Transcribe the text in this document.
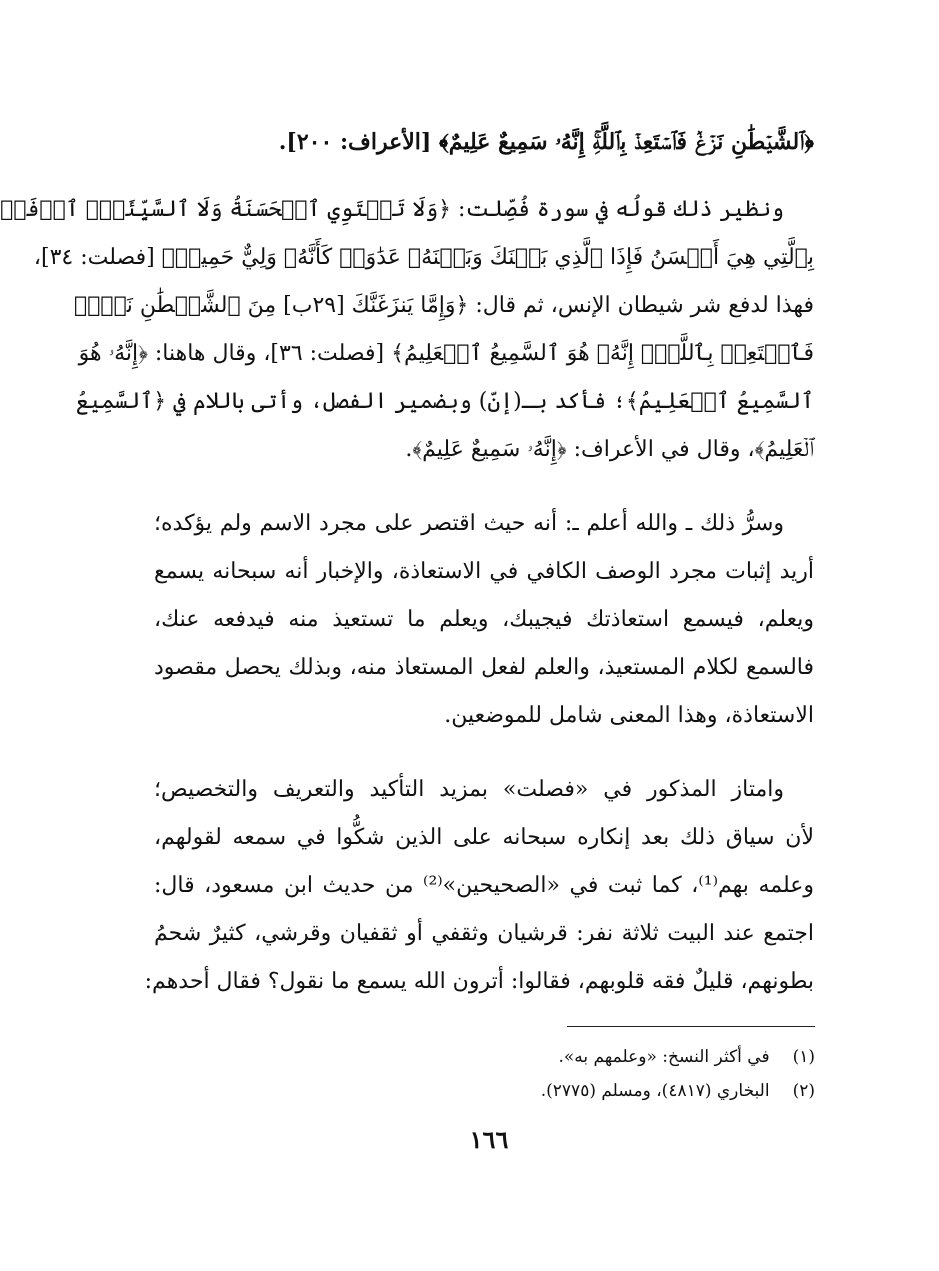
﴿ٱلشَّيۡطَٰنِ نَزۡغٞ فَٱسۡتَعِذۡ بِٱللَّهِۚ إِنَّهُۥ سَمِيعٌ عَلِيمٌ﴾ [الأعراف: ٢٠٠].
ونظير ذلك قولُه في سورة فُصِّلت: ﴿وَلَا تَسۡتَوِي ٱلۡحَسَنَةُ وَلَا ٱلسَّيِّئَةُۚ ٱدۡفَعۡ
بِٱلَّتِي هِيَ أَحۡسَنُ فَإِذَا ٱلَّذِي بَيۡنَكَ وَبَيۡنَهُۥ عَدَٰوَةٞ كَأَنَّهُۥ وَلِيٌّ حَمِيمٞ﴾ [فصلت: ٣٤]،
فهذا لدفع شر شيطان الإنس، ثم قال: ﴿وَإِمَّا يَنزَغَنَّكَ [٢٩ب] مِنَ ٱلشَّيۡطَٰنِ نَزۡغٞ
فَٱسۡتَعِذۡ بِٱللَّهِۖ إِنَّهُۥ هُوَ ٱلسَّمِيعُ ٱلۡعَلِيمُ﴾ [فصلت: ٣٦]، وقال هاهنا: ﴿إِنَّهُۥ هُوَ
ٱلسَّمِيعُ ٱلۡعَلِيمُ﴾؛ فأكد بـ(إنّ) وبضمير الفصل، وأتى باللام في ﴿ٱلسَّمِيعُ
ٱلۡعَلِيمُ﴾، وقال في الأعراف: ﴿إِنَّهُۥ سَمِيعٌ عَلِيمٌ﴾.
وسرُّ ذلك ـ والله أعلم ـ: أنه حيث اقتصر على مجرد الاسم ولم يؤكده؛
أريد إثبات مجرد الوصف الكافي في الاستعاذة، والإخبار أنه سبحانه يسمع
ويعلم، فيسمع استعاذتك فيجيبك، ويعلم ما تستعيذ منه فيدفعه عنك،
فالسمع لكلام المستعيذ، والعلم لفعل المستعاذ منه، وبذلك يحصل مقصود
الاستعاذة، وهذا المعنى شامل للموضعين.
وامتاز المذكور في «فصلت» بمزيد التأكيد والتعريف والتخصيص؛
لأن سياق ذلك بعد إنكاره سبحانه على الذين شكُّوا في سمعه لقولهم،
وعلمه بهم⁽¹⁾، كما ثبت في «الصحيحين»⁽²⁾ من حديث ابن مسعود، قال:
اجتمع عند البيت ثلاثة نفر: قرشيان وثقفي أو ثقفيان وقرشي، كثيرٌ شحمُ
بطونهم، قليلٌ فقه قلوبهم، فقالوا: أترون الله يسمع ما نقول؟ فقال أحدهم:
(١) في أكثر النسخ: «وعلمهم به».
(٢) البخاري (٤٨١٧)، ومسلم (٢٧٧٥).
١٦٦
